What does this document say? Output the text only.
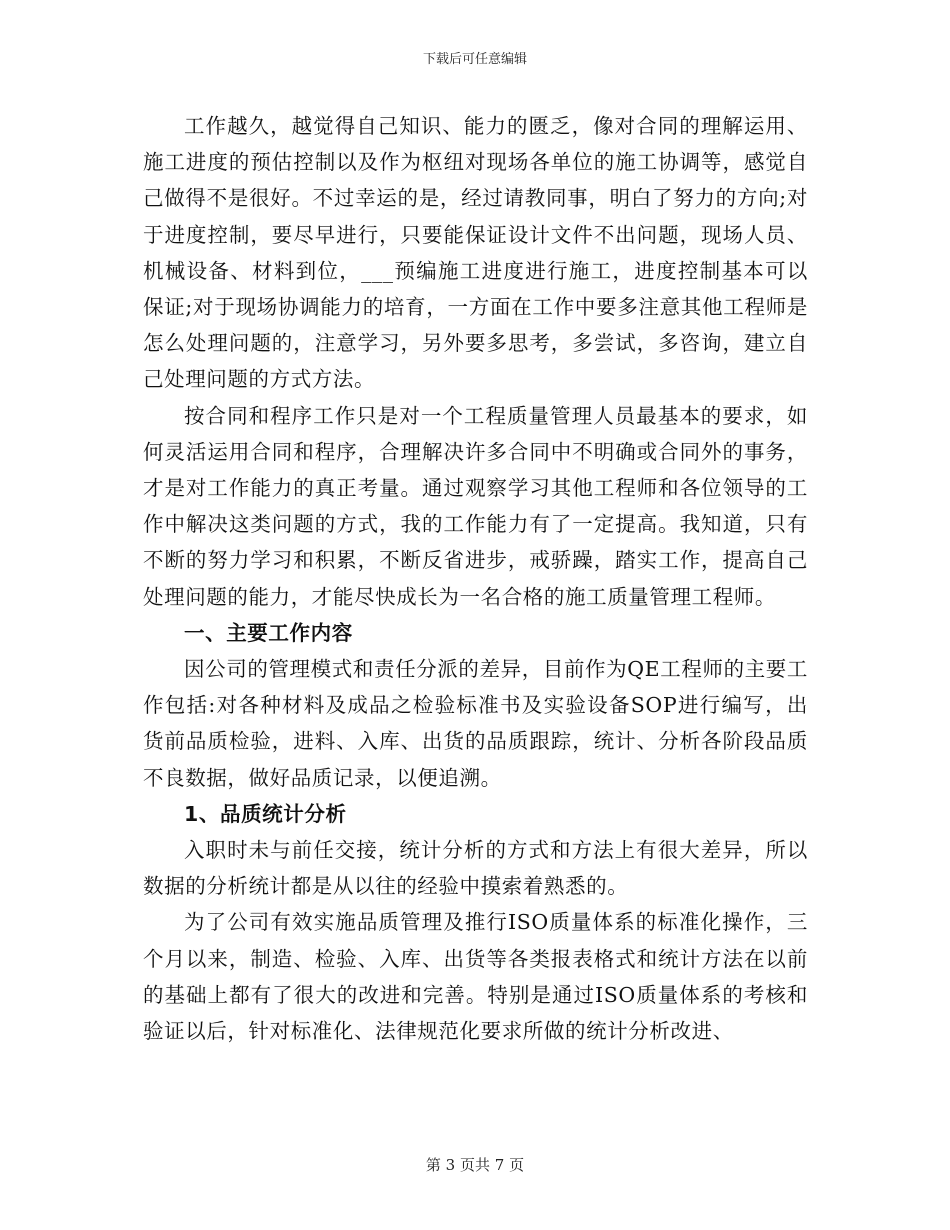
下载后可任意编辑

工作越久，越觉得自己知识、能力的匮乏，像对合同的理解运用、施工进度的预估控制以及作为枢纽对现场各单位的施工协调等，感觉自己做得不是很好。不过幸运的是，经过请教同事，明白了努力的方向;对于进度控制，要尽早进行，只要能保证设计文件不出问题，现场人员、机械设备、材料到位，___预编施工进度进行施工，进度控制基本可以保证;对于现场协调能力的培育，一方面在工作中要多注意其他工程师是怎么处理问题的，注意学习，另外要多思考，多尝试，多咨询，建立自己处理问题的方式方法。

按合同和程序工作只是对一个工程质量管理人员最基本的要求，如何灵活运用合同和程序，合理解决许多合同中不明确或合同外的事务，才是对工作能力的真正考量。通过观察学习其他工程师和各位领导的工作中解决这类问题的方式，我的工作能力有了一定提高。我知道，只有不断的努力学习和积累，不断反省进步，戒骄躁，踏实工作，提高自己处理问题的能力，才能尽快成长为一名合格的施工质量管理工程师。

一、主要工作内容

因公司的管理模式和责任分派的差异，目前作为QE工程师的主要工作包括:对各种材料及成品之检验标准书及实验设备SOP进行编写，出货前品质检验，进料、入库、出货的品质跟踪，统计、分析各阶段品质不良数据，做好品质记录，以便追溯。

1、品质统计分析

入职时未与前任交接，统计分析的方式和方法上有很大差异，所以数据的分析统计都是从以往的经验中摸索着熟悉的。

为了公司有效实施品质管理及推行ISO质量体系的标准化操作，三个月以来，制造、检验、入库、出货等各类报表格式和统计方法在以前的基础上都有了很大的改进和完善。特别是通过ISO质量体系的考核和验证以后，针对标准化、法律规范化要求所做的统计分析改进、

第 3 页共 7 页
